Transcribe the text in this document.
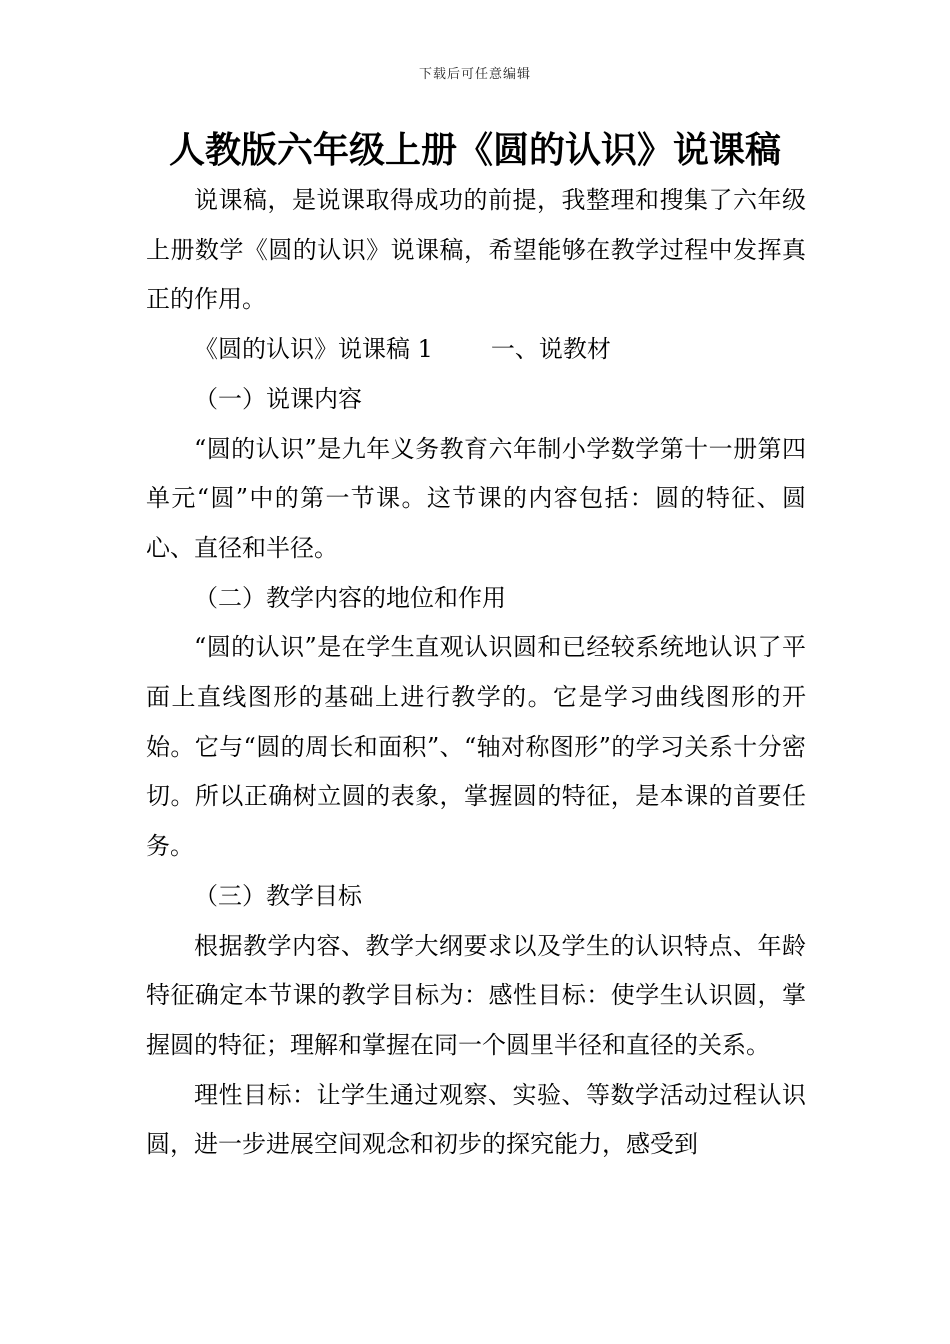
下载后可任意编辑
人教版六年级上册《圆的认识》说课稿

说课稿，是说课取得成功的前提，我整理和搜集了六年级上册数学《圆的认识》说课稿，希望能够在教学过程中发挥真正的作用。

《圆的认识》说课稿 1 一、说教材

（一）说课内容

“圆的认识”是九年义务教育六年制小学数学第十一册第四单元“圆”中的第一节课。这节课的内容包括：圆的特征、圆心、直径和半径。

（二）教学内容的地位和作用

“圆的认识”是在学生直观认识圆和已经较系统地认识了平面上直线图形的基础上进行教学的。它是学习曲线图形的开始。它与“圆的周长和面积”、“轴对称图形”的学习关系十分密切。所以正确树立圆的表象，掌握圆的特征，是本课的首要任务。

（三）教学目标

根据教学内容、教学大纲要求以及学生的认识特点、年龄特征确定本节课的教学目标为：感性目标：使学生认识圆，掌握圆的特征；理解和掌握在同一个圆里半径和直径的关系。

理性目标：让学生通过观察、实验、等数学活动过程认识圆，进一步进展空间观念和初步的探究能力，感受到
